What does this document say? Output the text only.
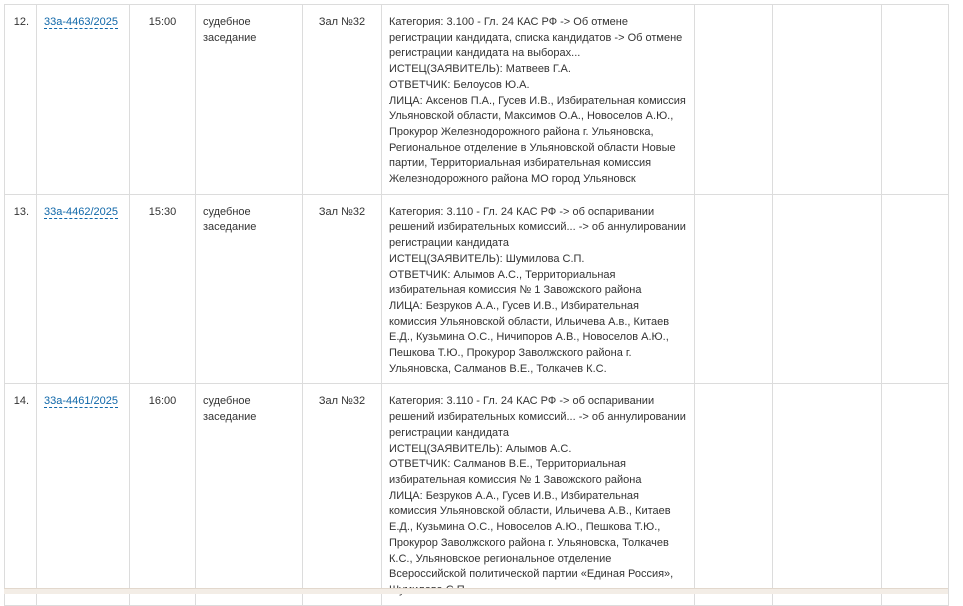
12.	33а-4463/2025	15:00	судебное заседание	Зал №32	Категория: 3.100 - Гл. 24 КАС РФ -> Об отмене регистрации кандидата, списка кандидатов -> Об отмене регистрации кандидата на выборах...
ИСТЕЦ(ЗАЯВИТЕЛЬ): Матвеев Г.А.
ОТВЕТЧИК: Белоусов Ю.А.
ЛИЦА: Аксенов П.А., Гусев И.В., Избирательная комиссия Ульяновской области, Максимов О.А., Новоселов А.Ю., Прокурор Железнодорожного района г. Ульяновска, Региональное отделение в Ульяновской области Новые партии, Территориальная избирательная комиссия Железнодорожного района МО город Ульяновск			

13.	33а-4462/2025	15:30	судебное заседание	Зал №32	Категория: 3.110 - Гл. 24 КАС РФ -> об оспаривании решений избирательных комиссий... -> об аннулировании регистрации кандидата
ИСТЕЦ(ЗАЯВИТЕЛЬ): Шумилова С.П.
ОТВЕТЧИК: Алымов А.С., Территориальная избирательная комиссия № 1 Завожского района
ЛИЦА: Безруков А.А., Гусев И.В., Избирательная комиссия Ульяновской области, Ильичева А.в., Китаев Е.Д., Кузьмина О.С., Ничипоров А.В., Новоселов А.Ю., Пешкова Т.Ю., Прокурор Заволжского района г. Ульяновска, Салманов В.Е., Толкачев К.С.			

14.	33а-4461/2025	16:00	судебное заседание	Зал №32	Категория: 3.110 - Гл. 24 КАС РФ -> об оспаривании решений избирательных комиссий... -> об аннулировании регистрации кандидата
ИСТЕЦ(ЗАЯВИТЕЛЬ): Алымов А.С.
ОТВЕТЧИК: Салманов В.Е., Территориальная избирательная комиссия № 1 Завожского района
ЛИЦА: Безруков А.А., Гусев И.В., Избирательная комиссия Ульяновской области, Ильичева А.В., Китаев Е.Д., Кузьмина О.С., Новоселов А.Ю., Пешкова Т.Ю., Прокурор Заволжского района г. Ульяновска, Толкачев К.С., Ульяновское региональное отделение Всероссийской политической партии «Единая Россия»,			
